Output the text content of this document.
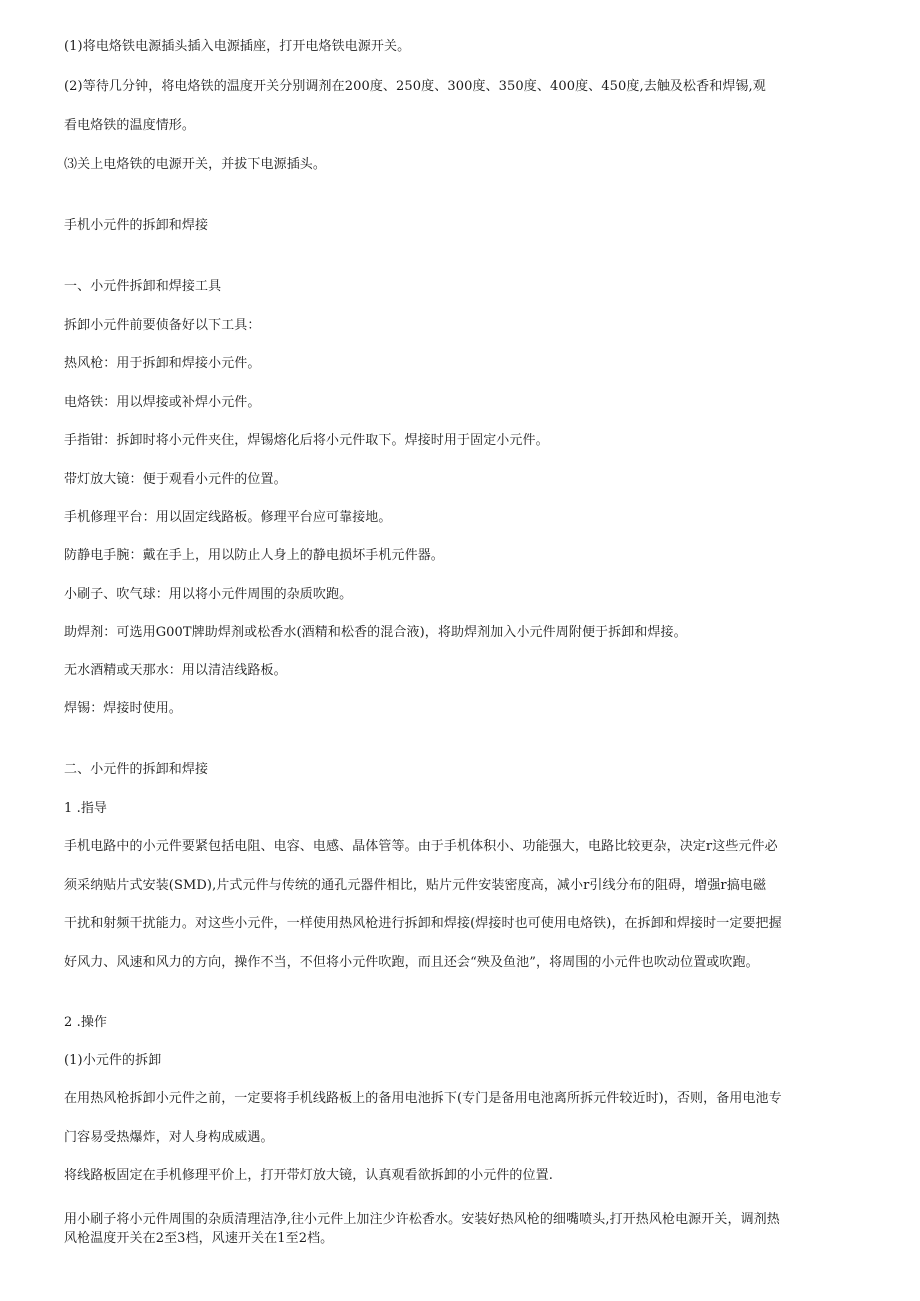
(1)将电烙铁电源插头插入电源插座，打开电烙铁电源开关。
(2)等待几分钟，将电烙铁的温度开关分别调剂在200度、250度、300度、350度、400度、450度,去触及松香和焊锡,观
看电烙铁的温度情形。
⑶关上电烙铁的电源开关，并拔下电源插头。
手机小元件的拆卸和焊接
一、小元件拆卸和焊接工具
拆卸小元件前要侦备好以下工具：
热风枪：用于拆卸和焊接小元件。
电烙铁：用以焊接或补焊小元件。
手指钳：拆卸时将小元件夹住，焊锡熔化后将小元件取下。焊接时用于固定小元件。
带灯放大镜：便于观看小元件的位置。
手机修理平台：用以固定线路板。修理平台应可靠接地。
防静电手腕：戴在手上，用以防止人身上的静电损坏手机元件器。
小刷子、吹气球：用以将小元件周围的杂质吹跑。
助焊剂：可选用G00T牌助焊剂或松香水(酒精和松香的混合液)，将助焊剂加入小元件周附便于拆卸和焊接。
无水酒精或天那水：用以清洁线路板。
焊锡：焊接时使用。
二、小元件的拆卸和焊接
1 .指导
手机电路中的小元件要紧包括电阻、电容、电感、晶体管等。由于手机体积小、功能强大，电路比较更杂，决定r这些元件必
须采纳贴片式安装(SMD),片式元件与传统的通孔元器件相比，贴片元件安装密度高，减小r引线分布的阻碍，增强r搞电磁
干扰和射频干扰能力。对这些小元件，一样使用热风枪进行拆卸和焊接(焊接时也可使用电烙铁)，在拆卸和焊接时一定要把握
好风力、风速和风力的方向，操作不当，不但将小元件吹跑，而且还会“殃及鱼池”，将周围的小元件也吹动位置或吹跑。
2 .操作
(1)小元件的拆卸
在用热风枪拆卸小元件之前，一定要将手机线路板上的备用电池拆下(专门是备用电池离所拆元件较近时)，否则，备用电池专
门容易受热爆炸，对人身构成威遇。
将线路板固定在手机修理平价上，打开带灯放大镜，认真观看欲拆卸的小元件的位置.
用小刷子将小元件周围的杂质清理洁净,往小元件上加注少许松香水。安装好热风枪的细嘴喷头,打开热风枪电源开关，调剂热
风枪温度开关在2至3档，风速开关在1至2档。
